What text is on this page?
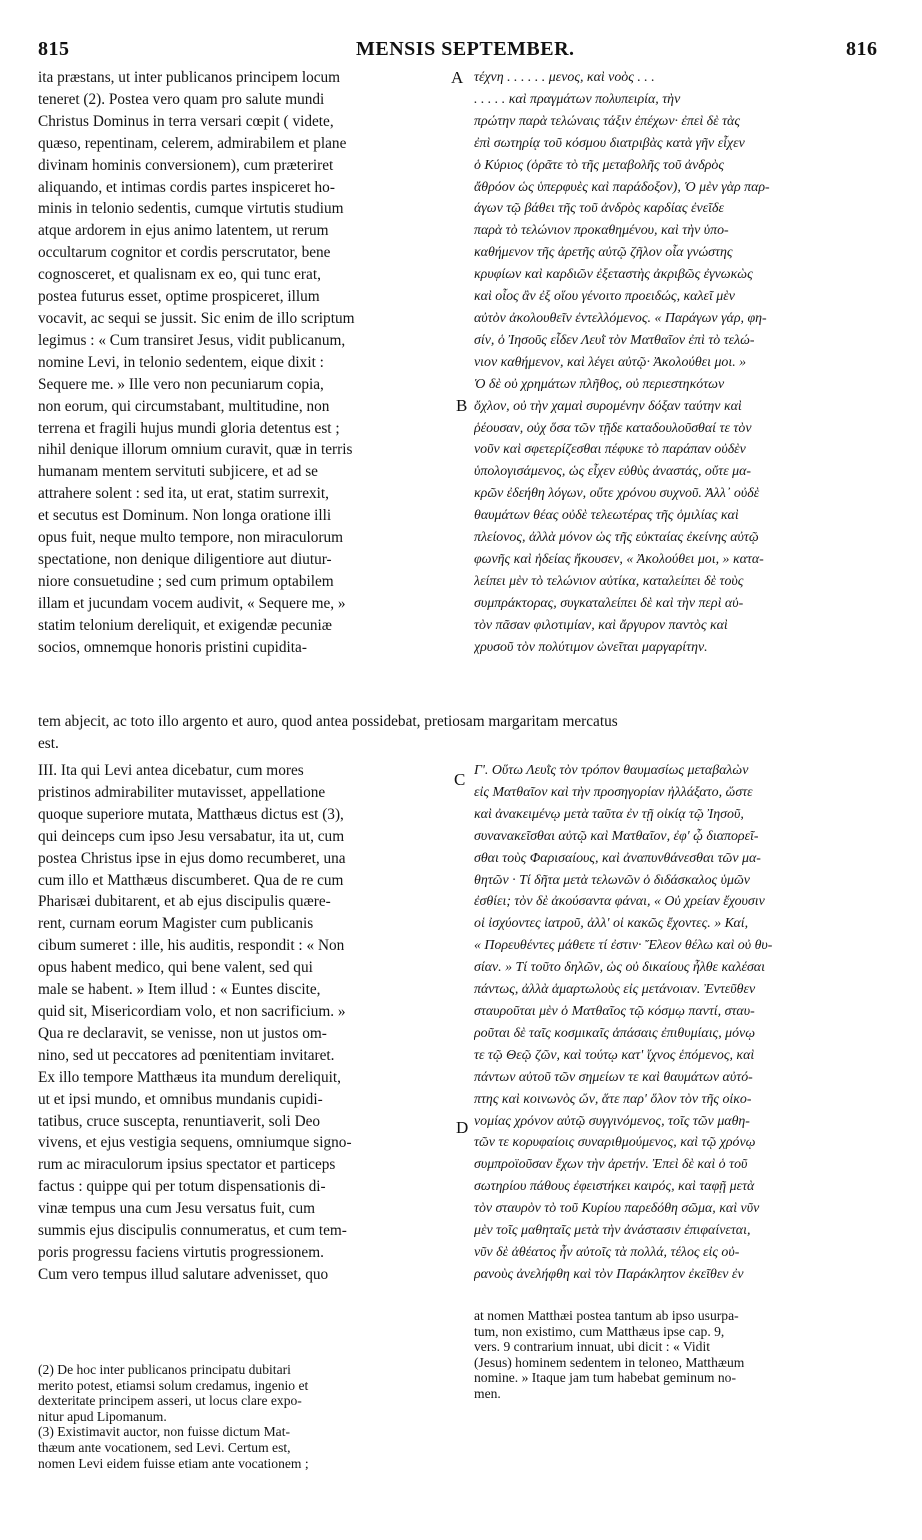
815	MENSIS SEPTEMBER.	816
A
B
C
D
ita præstans, ut inter publicanos principem locum
teneret (2). Postea vero quam pro salute mundi
Christus Dominus in terra versari cœpit ( videte,
quæso, repentinam, celerem, admirabilem et plane
divinam hominis conversionem), cum præteriret
aliquando, et intimas cordis partes inspiceret ho-
minis in telonio sedentis, cumque virtutis studium
atque ardorem in ejus animo latentem, ut rerum
occultarum cognitor et cordis perscrutator, bene
cognosceret, et qualisnam ex eo, qui tunc erat,
postea futurus esset, optime prospiceret, illum
vocavit, ac sequi se jussit. Sic enim de illo scriptum
legimus : « Cum transiret Jesus, vidit publicanum,
nomine Levi, in telonio sedentem, eique dixit :
Sequere me. » Ille vero non pecuniarum copia,
non eorum, qui circumstabant, multitudine, non
terrena et fragili hujus mundi gloria detentus est ;
nihil denique illorum omnium curavit, quæ in terris
humanam mentem servituti subjicere, et ad se
attrahere solent : sed ita, ut erat, statim surrexit,
et secutus est Dominum. Non longa oratione illi
opus fuit, neque multo tempore, non miraculorum
spectatione, non denique diligentiore aut diutur-
niore consuetudine ; sed cum primum optabilem
illam et jucundam vocem audivit, « Sequere me, »
statim telonium dereliquit, et exigendæ pecuniæ
socios, omnemque honoris pristini cupidita-
τέχνη . . . . . . μενος, καὶ νοὸς . . .
. . . . . καὶ πραγμάτων πολυπειρία, τὴν
πρώτην παρὰ τελώναις τάξιν ἐπέχων· ἐπεὶ δὲ τὰς
ἐπὶ σωτηρίᾳ τοῦ κόσμου διατριβὰς κατὰ γῆν εἶχεν
ὁ Κύριος (ὁρᾶτε τὸ τῆς μεταβολῆς τοῦ ἀνδρὸς
ἄθρόον ὡς ὑπερφυὲς καὶ παράδοξον), Ὁ μὲν γὰρ παρ-
άγων τῷ βάθει τῆς τοῦ ἀνδρὸς καρδίας ἐνεῖδε
παρὰ τὸ τελώνιον προκαθημένου, καὶ τὴν ὑπο-
καθήμενον τῆς ἀρετῆς αὐτῷ ζῆλον οἷα γνώστης
κρυφίων καὶ καρδιῶν ἐξεταστὴς ἀκριβῶς ἐγνωκὼς
καὶ οἷος ἂν ἐξ οἵου γένοιτο προειδώς, καλεῖ μὲν
αὐτὸν ἀκολουθεῖν ἐντελλόμενος. « Παράγων γάρ, φη-
σίν, ὁ Ἰησοῦς εἶδεν Λευῒ τὸν Ματθαῖον ἐπὶ τὸ τελώ-
νιον καθήμενον, καὶ λέγει αὐτῷ· Ἀκολούθει μοι. »
Ὁ δὲ οὐ χρημάτων πλῆθος, οὐ περιεστηκότων
ὄχλον, οὐ τὴν χαμαὶ συρομένην δόξαν ταύτην καὶ
ῥέουσαν, οὐχ ὅσα τῶν τῇδε καταδουλοῦσθαί τε τὸν
νοῦν καὶ σφετερίζεσθαι πέφυκε τὸ παράπαν οὐδὲν
ὑπολογισάμενος, ὡς εἶχεν εὐθὺς ἀναστάς, οὔτε μα-
κρῶν ἐδεήθη λόγων, οὔτε χρόνου συχνοῦ. Ἀλλ᾽ οὐδὲ
θαυμάτων θέας οὐδὲ τελεωτέρας τῆς ὁμιλίας καὶ
πλείονος, ἀλλὰ μόνον ὡς τῆς εὐκταίας ἐκείνης αὐτῷ
φωνῆς καὶ ἡδείας ἤκουσεν, « Ἀκολούθει μοι, » κατα-
λείπει μὲν τὸ τελώνιον αὐτίκα, καταλείπει δὲ τοὺς
συμπράκτορας, συγκαταλείπει δὲ καὶ τὴν περὶ αὐ-
τὸν πᾶσαν φιλοτιμίαν, καὶ ἄργυρον παντὸς καὶ
χρυσοῦ τὸν πολύτιμον ὠνεῖται μαργαρίτην.
tem abjecit, ac toto illo argento et auro, quod antea possidebat, pretiosam margaritam mercatus
est.
III. Ita qui Levi antea dicebatur, cum mores
pristinos admirabiliter mutavisset, appellatione
quoque superiore mutata, Matthæus dictus est (3),
qui deinceps cum ipso Jesu versabatur, ita ut, cum
postea Christus ipse in ejus domo recumberet, una
cum illo et Matthæus discumberet. Qua de re cum
Pharisæi dubitarent, et ab ejus discipulis quære-
rent, curnam eorum Magister cum publicanis
cibum sumeret : ille, his auditis, respondit : « Non
opus habent medico, qui bene valent, sed qui
male se habent. » Item illud : « Euntes discite,
quid sit, Misericordiam volo, et non sacrificium. »
Qua re declaravit, se venisse, non ut justos om-
nino, sed ut peccatores ad pœnitentiam invitaret.
Ex illo tempore Matthæus ita mundum dereliquit,
ut et ipsi mundo, et omnibus mundanis cupidi-
tatibus, cruce suscepta, renuntiaverit, soli Deo
vivens, et ejus vestigia sequens, omniumque signo-
rum ac miraculorum ipsius spectator et particeps
factus : quippe qui per totum dispensationis di-
vinæ tempus una cum Jesu versatus fuit, cum
summis ejus discipulis connumeratus, et cum tem-
poris progressu faciens virtutis progressionem.
Cum vero tempus illud salutare advenisset, quo
Γ'. Οὕτω Λευῒς τὸν τρόπον θαυμασίως μεταβαλὼν
εἰς Ματθαῖον καὶ τὴν προσηγορίαν ἠλλάξατο, ὥστε
καὶ ἀνακειμένῳ μετὰ ταῦτα ἐν τῇ οἰκίᾳ τῷ Ἰησοῦ,
συνανακεῖσθαι αὐτῷ καὶ Ματθαῖον, ἐφ' ᾧ διαπορεῖ-
σθαι τοὺς Φαρισαίους, καὶ ἀναπυνθάνεσθαι τῶν μα-
θητῶν · Τί δῆτα μετὰ τελωνῶν ὁ διδάσκαλος ὑμῶν
ἐσθίει; τὸν δὲ ἀκούσαντα φάναι, « Οὐ χρείαν ἔχουσιν
οἱ ἰσχύοντες ἰατροῦ, ἀλλ' οἱ κακῶς ἔχοντες. » Καί,
« Πορευθέντες μάθετε τί ἐστιν· Ἔλεον θέλω καὶ οὐ θυ-
σίαν. » Τί τοῦτο δηλῶν, ὡς οὐ δικαίους ἦλθε καλέσαι
πάντως, ἀλλὰ ἁμαρτωλοὺς εἰς μετάνοιαν. Ἐντεῦθεν
σταυροῦται μὲν ὁ Ματθαῖος τῷ κόσμῳ παντί, σταυ-
ροῦται δὲ ταῖς κοσμικαῖς ἁπάσαις ἐπιθυμίαις, μόνῳ
τε τῷ Θεῷ ζῶν, καὶ τούτῳ κατ' ἴχνος ἑπόμενος, καὶ
πάντων αὐτοῦ τῶν σημείων τε καὶ θαυμάτων αὐτό-
πτης καὶ κοινωνὸς ὤν, ἅτε παρ' ὅλον τὸν τῆς οἰκο-
νομίας χρόνον αὐτῷ συγγινόμενος, τοῖς τῶν μαθη-
τῶν τε κορυφαίοις συναριθμούμενος, καὶ τῷ χρόνῳ
συμπροϊοῦσαν ἔχων τὴν ἀρετήν. Ἐπεὶ δὲ καὶ ὁ τοῦ
σωτηρίου πάθους ἐφειστήκει καιρός, καὶ ταφῇ μετὰ
τὸν σταυρὸν τὸ τοῦ Κυρίου παρεδόθη σῶμα, καὶ νῦν
μὲν τοῖς μαθηταῖς μετὰ τὴν ἀνάστασιν ἐπιφαίνεται,
νῦν δὲ ἀθέατος ἦν αὐτοῖς τὰ πολλά, τέλος εἰς οὐ-
ρανοὺς ἀνελήφθη καὶ τὸν Παράκλητον ἐκεῖθεν ἐν
(2) De hoc inter publicanos principatu dubitari
merito potest, etiamsi solum credamus, ingenio et
dexteritate principem asseri, ut locus clare expo-
nitur apud Lipomanum.
(3) Existimavit auctor, non fuisse dictum Mat-
thæum ante vocationem, sed Levi. Certum est,
nomen Levi eidem fuisse etiam ante vocationem ;
at nomen Matthæi postea tantum ab ipso usurpa-
tum, non existimo, cum Matthæus ipse cap. 9,
vers. 9 contrarium innuat, ubi dicit : « Vidit
(Jesus) hominem sedentem in teloneo, Matthæum
nomine. » Itaque jam tum habebat geminum no-
men.
